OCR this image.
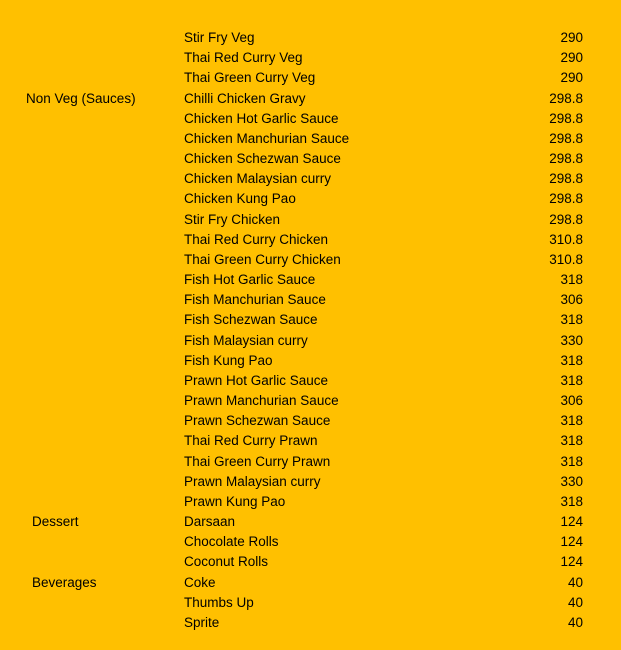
Stir Fry Veg	290
Thai Red Curry Veg	290
Thai Green Curry Veg	290
Non Veg (Sauces)	Chilli Chicken Gravy	298.8
Chicken Hot Garlic Sauce	298.8
Chicken Manchurian Sauce	298.8
Chicken Schezwan Sauce	298.8
Chicken Malaysian curry	298.8
Chicken Kung Pao	298.8
Stir Fry Chicken	298.8
Thai Red Curry Chicken	310.8
Thai Green Curry Chicken	310.8
Fish Hot Garlic Sauce	318
Fish Manchurian Sauce	306
Fish Schezwan Sauce	318
Fish Malaysian curry	330
Fish Kung Pao	318
Prawn Hot Garlic Sauce	318
Prawn Manchurian Sauce	306
Prawn Schezwan Sauce	318
Thai Red Curry Prawn	318
Thai Green Curry Prawn	318
Prawn Malaysian curry	330
Prawn Kung Pao	318
Dessert	Darsaan	124
Chocolate Rolls	124
Coconut Rolls	124
Beverages	Coke	40
Thumbs Up	40
Sprite	40
